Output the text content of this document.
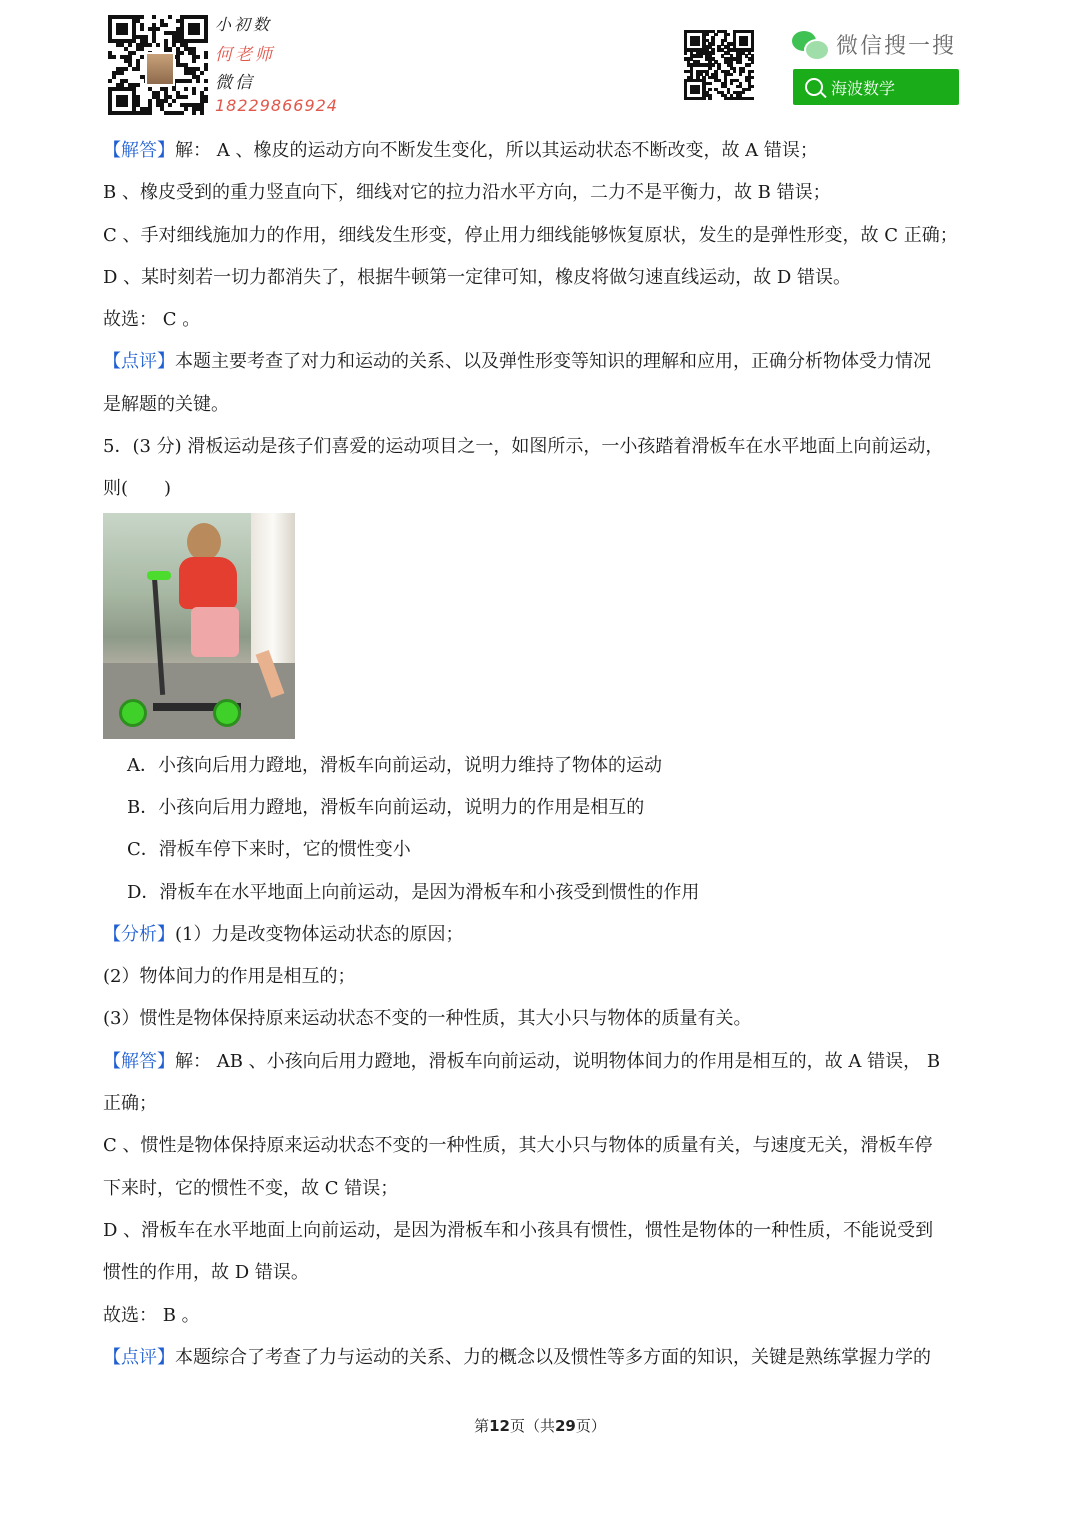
小初数
何老师
微信
18229866924
微信搜一搜
海波数学
【解答】解： A 、橡皮的运动方向不断发生变化，所以其运动状态不断改变，故 A 错误；
B 、橡皮受到的重力竖直向下，细线对它的拉力沿水平方向，二力不是平衡力，故 B 错误；
C 、手对细线施加力的作用，细线发生形变，停止用力细线能够恢复原状，发生的是弹性形变，故 C 正确；
D 、某时刻若一切力都消失了，根据牛顿第一定律可知，橡皮将做匀速直线运动，故 D 错误。
故选： C 。
【点评】本题主要考查了对力和运动的关系、以及弹性形变等知识的理解和应用，正确分析物体受力情况
是解题的关键。
5．(3 分) 滑板运动是孩子们喜爱的运动项目之一，如图所示，一小孩踏着滑板车在水平地面上向前运动，
则(　　)
A．小孩向后用力蹬地，滑板车向前运动，说明力维持了物体的运动
B．小孩向后用力蹬地，滑板车向前运动，说明力的作用是相互的
C．滑板车停下来时，它的惯性变小
D．滑板车在水平地面上向前运动，是因为滑板车和小孩受到惯性的作用
【分析】(1）力是改变物体运动状态的原因；
(2）物体间力的作用是相互的；
(3）惯性是物体保持原来运动状态不变的一种性质，其大小只与物体的质量有关。
【解答】解： AB 、小孩向后用力蹬地，滑板车向前运动，说明物体间力的作用是相互的，故 A 错误， B
正确；
C 、惯性是物体保持原来运动状态不变的一种性质，其大小只与物体的质量有关，与速度无关，滑板车停
下来时，它的惯性不变，故 C 错误；
D 、滑板车在水平地面上向前运动，是因为滑板车和小孩具有惯性，惯性是物体的一种性质，不能说受到
惯性的作用，故 D 错误。
故选： B 。
【点评】本题综合了考查了力与运动的关系、力的概念以及惯性等多方面的知识，关键是熟练掌握力学的
第12页（共29页）
